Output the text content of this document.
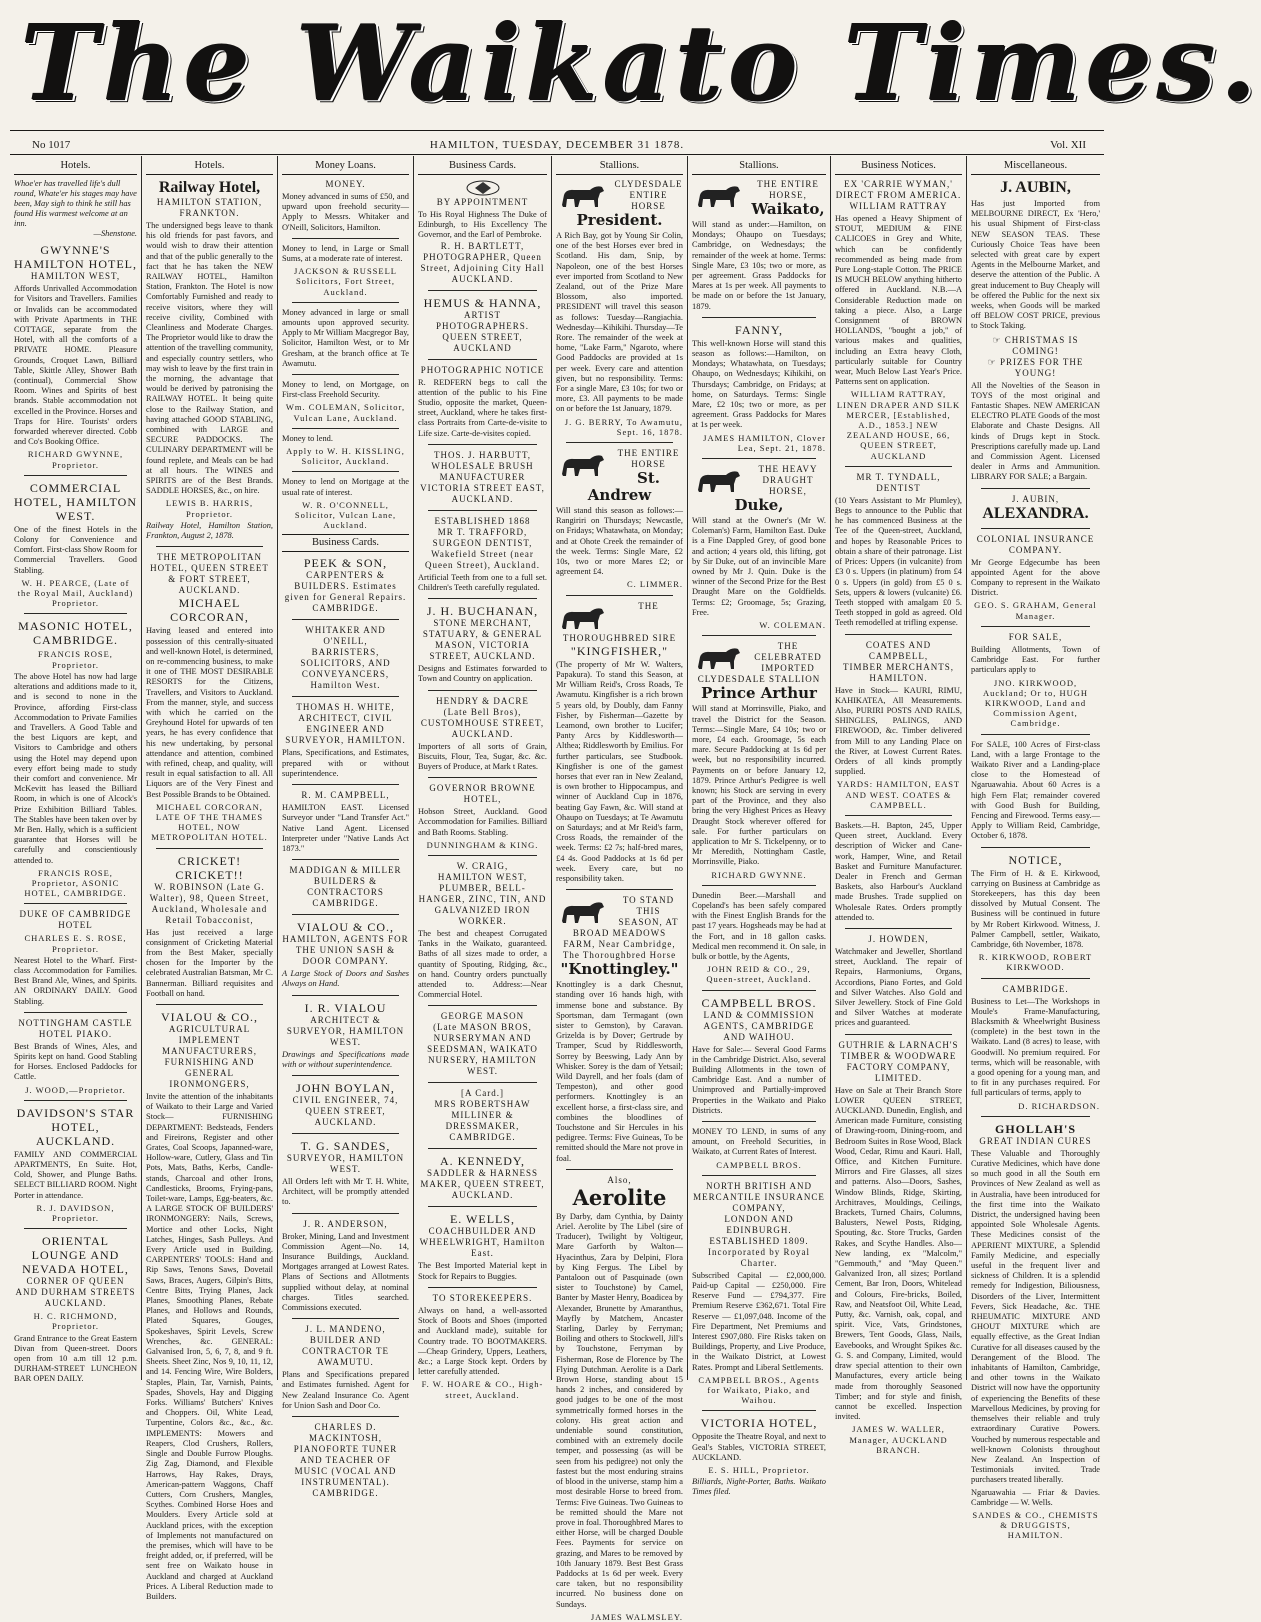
The Waikato Times.
No 1017	HAMILTON, TUESDAY, DECEMBER 31 1878.	Vol. XII
Hotels.
Whoe'er has travelled life's dull round, Whate'er his stages may have been, May sigh to think he still has found His warmest welcome at an inn.
—Shenstone.
GWYNNE'S HAMILTON HOTEL,
HAMILTON WEST,
Affords Unrivalled Accommodation for Visitors and Travellers. Families or Invalids can be accommodated with Private Apartments in THE COTTAGE, separate from the Hotel, with all the comforts of a PRIVATE HOME. Pleasure Grounds, Croquet Lawn, Billiard Table, Skittle Alley, Shower Bath (continual), Commercial Show Room. Wines and Spirits of best brands. Stable accommodation not excelled in the Province. Horses and Traps for Hire. Tourists' orders forwarded wherever directed. Cobb and Co's Booking Office.
RICHARD GWYNNE, Proprietor.
COMMERCIAL HOTEL, HAMILTON WEST.
One of the finest Hotels in the Colony for Convenience and Comfort. First-class Show Room for Commercial Travellers. Good Stabling.
W. H. PEARCE, (Late of the Royal Mail, Auckland) Proprietor.
MASONIC HOTEL, CAMBRIDGE.
FRANCIS ROSE, Proprietor.
The above Hotel has now had large alterations and additions made to it, and is second to none in the Province, affording First-class Accommodation to Private Families and Travellers. A Good Table and the best Liquors are kept, and Visitors to Cambridge and others using the Hotel may depend upon every effort being made to study their comfort and convenience. Mr McKevitt has leased the Billiard Room, in which is one of Alcock's Prize Exhibition Billiard Tables. The Stables have been taken over by Mr Ben. Hally, which is a sufficient guarantee that Horses will be carefully and conscientiously attended to.
FRANCIS ROSE, Proprietor, ASONIC HOTEL, CAMBRIDGE.
DUKE OF CAMBRIDGE HOTEL
CHARLES E. S. ROSE, Proprietor.
Nearest Hotel to the Wharf. First-class Accommodation for Families. Best Brand Ale, Wines, and Spirits. AN ORDINARY DAILY. Good Stabling.
NOTTINGHAM CASTLE HOTEL PIAKO.
Best Brands of Wines, Ales, and Spirits kept on hand. Good Stabling for Horses. Enclosed Paddocks for Cattle.
J. WOOD,—Proprietor.
DAVIDSON'S STAR HOTEL, AUCKLAND.
FAMILY AND COMMERCIAL APARTMENTS, En Suite. Hot, Cold, Shower, and Plunge Baths. SELECT BILLIARD ROOM. Night Porter in attendance.
R. J. DAVIDSON, Proprietor.
ORIENTAL LOUNGE AND NEVADA HOTEL,
CORNER OF QUEEN AND DURHAM STREETS AUCKLAND.
H. C. RICHMOND, Proprietor.
Grand Entrance to the Great Eastern Divan from Queen-street. Doors open from 10 a.m till 12 p.m. DURHAM-STREET LUNCHEON BAR OPEN DAILY.
Hotels.
Railway Hotel,
HAMILTON STATION, FRANKTON.
The undersigned begs leave to thank his old friends for past favors, and would wish to draw their attention and that of the public generally to the fact that he has taken the NEW RAILWAY HOTEL, Hamilton Station, Frankton. The Hotel is now Comfortably Furnished and ready to receive visitors, where they will receive civility, Combined with Cleanliness and Moderate Charges. The Proprietor would like to draw the attention of the travelling community, and especially country settlers, who may wish to leave by the first train in the morning, the advantage that would be derived by patronising the RAILWAY HOTEL. It being quite close to the Railway Station, and having attached GOOD STABLING, combined with LARGE and SECURE PADDOCKS. The CULINARY DEPARTMENT will be found replete, and Meals can be had at all hours. The WINES and SPIRITS are of the Best Brands. SADDLE HORSES, &c., on hire.
LEWIS B. HARRIS, Proprietor.
Railway Hotel, Hamilton Station, Frankton, August 2, 1878.
THE METROPOLITAN HOTEL, QUEEN STREET & FORT STREET, AUCKLAND.
MICHAEL CORCORAN,
Having leased and entered into possession of this centrally-situated and well-known Hotel, is determined, on re-commencing business, to make it one of THE MOST DESIRABLE RESORTS for the Citizens, Travellers, and Visitors to Auckland. From the manner, style, and success with which he carried on the Greyhound Hotel for upwards of ten years, he has every confidence that his new undertaking, by personal attendance and attention, combined with refined, cheap, and quality, will result in equal satisfaction to all. All Liquors are of the Very Finest and Best Possible Brands to be Obtained.
MICHAEL CORCORAN, LATE OF THE THAMES HOTEL, NOW METROPOLITAN HOTEL.
CRICKET! CRICKET!!
W. ROBINSON (Late G. Walter), 98, Queen Street, Auckland, Wholesale and Retail Tobacconist,
Has just received a large consignment of Cricketing Material from the Best Maker, specially chosen for the Importer by the celebrated Australian Batsman, Mr C. Bannerman. Billiard requisites and Football on hand.
VIALOU & CO.,
AGRICULTURAL IMPLEMENT MANUFACTURERS, FURNISHING AND GENERAL IRONMONGERS,
Invite the attention of the inhabitants of Waikato to their Large and Varied Stock— FURNISHING DEPARTMENT: Bedsteads, Fenders and Fireirons, Register and other Grates, Coal Scoops, Japanned-ware, Hollow-ware, Cutlery, Glass and Tin Pots, Mats, Baths, Kerbs, Candle-stands, Charcoal and other Irons, Candlesticks, Brooms, Frying-pans, Toilet-ware, Lamps, Egg-beaters, &c. A LARGE STOCK OF BUILDERS' IRONMONGERY: Nails, Screws, Mortice and other Locks, Night Latches, Hinges, Sash Pulleys. And Every Article used in Building. CARPENTERS' TOOLS: Hand and Rip Saws, Tenons Saws, Dovetail Saws, Braces, Augers, Gilpin's Bitts, Centre Bitts, Trying Planes, Jack Planes, Smoothing Planes, Rebate Planes, and Hollows and Rounds, Plated Squares, Gouges, Spokeshaves, Spirit Levels, Screw Wrenches, &c. GENERAL: Galvanised Iron, 5, 6, 7, 8, and 9 ft. Sheets. Sheet Zinc, Nos 9, 10, 11, 12, and 14. Fencing Wire, Wire Bolders, Staples, Plain, Tar, Varnish, Paints, Spades, Shovels, Hay and Digging Forks. Williams' Butchers' Knives and Choppers. Oil, White Lead, Turpentine, Colors &c., &c., &c. IMPLEMENTS: Mowers and Reapers, Clod Crushers, Rollers, Single and Double Furrow Ploughs. Zig Zag, Diamond, and Flexible Harrows, Hay Rakes, Drays, American-pattern Waggons, Chaff Cutters, Corn Crushers, Mangles, Scythes. Combined Horse Hoes and Moulders. Every Article sold at Auckland prices, with the exception of Implements not manufactured on the premises, which will have to be freight added, or, if preferred, will be sent free on Waikato house in Auckland and charged at Auckland Prices. A Liberal Reduction made to Builders.
Money Loans.
MONEY.
Money advanced in sums of £50, and upward upon freehold security—Apply to Messrs. Whitaker and O'Neill, Solicitors, Hamilton.
Money to lend, in Large or Small Sums, at a moderate rate of interest.
JACKSON & RUSSELL Solicitors, Fort Street, Auckland.
Money advanced in large or small amounts upon approved security. Apply to Mr William Macgregor Bay, Solicitor, Hamilton West, or to Mr Gresham, at the branch office at Te Awamutu.
Money to lend, on Mortgage, on First-class Freehold Security.
Wm. COLEMAN, Solicitor, Vulcan Lane, Auckland.
Money to lend.
Apply to W. H. KISSLING, Solicitor, Auckland.
Money to lend on Mortgage at the usual rate of interest.
W. R. O'CONNELL, Solicitor, Vulcan Lane, Auckland.
Business Cards.
PEEK & SON,
CARPENTERS & BUILDERS. Estimates given for General Repairs. CAMBRIDGE.
WHITAKER AND O'NEILL,
BARRISTERS, SOLICITORS, AND CONVEYANCERS, Hamilton West.
THOMAS H. WHITE,
ARCHITECT, CIVIL ENGINEER AND SURVEYOR, HAMILTON.
Plans, Specifications, and Estimates, prepared with or without superintendence.
R. M. CAMPBELL,
HAMILTON EAST. Licensed Surveyor under "Land Transfer Act." Native Land Agent. Licensed Interpreter under "Native Lands Act 1873."
MADDIGAN & MILLER
BUILDERS & CONTRACTORS CAMBRIDGE.
VIALOU & CO.,
HAMILTON, AGENTS FOR THE UNION SASH & DOOR COMPANY.
A Large Stock of Doors and Sashes Always on Hand.
I. R. VIALOU
ARCHITECT & SURVEYOR, HAMILTON WEST.
Drawings and Specifications made with or without superintendence.
JOHN BOYLAN,
CIVIL ENGINEER, 74, QUEEN STREET, AUCKLAND.
T. G. SANDES,
SURVEYOR, HAMILTON WEST.
All Orders left with Mr T. H. White, Architect, will be promptly attended to.
J. R. ANDERSON,
Broker, Mining, Land and Investment Commission Agent—No. 14, Insurance Buildings, Auckland. Mortgages arranged at Lowest Rates. Plans of Sections and Allotments supplied without delay, at nominal charges. Titles searched. Commissions executed.
J. L. MANDENO,
BUILDER AND CONTRACTOR TE AWAMUTU.
Plans and Specifications prepared and Estimates furnished. Agent for New Zealand Insurance Co. Agent for Union Sash and Door Co.
CHARLES D. MACKINTOSH,
PIANOFORTE TUNER AND TEACHER OF MUSIC (VOCAL AND INSTRUMENTAL). CAMBRIDGE.
Business Cards.
BY APPOINTMENT
To His Royal Highness The Duke of Edinburgh, to His Excellency The Governor, and the Earl of Pembroke.
R. H. BARTLETT,
PHOTOGRAPHER, Queen Street, Adjoining City Hall AUCKLAND.
HEMUS & HANNA,
ARTIST PHOTOGRAPHERS. QUEEN STREET, AUCKLAND
PHOTOGRAPHIC NOTICE
R. REDFERN begs to call the attention of the public to his Fine Studio, opposite the market, Queen-street, Auckland, where he takes first-class Portraits from Carte-de-visite to Life size. Carte-de-visites copied.
THOS. J. HARBUTT,
WHOLESALE BRUSH MANUFACTURER VICTORIA STREET EAST, AUCKLAND.
ESTABLISHED 1868
MR T. TRAFFORD,
SURGEON DENTIST, Wakefield Street (near Queen Street), Auckland.
Artificial Teeth from one to a full set. Children's Teeth carefully regulated.
J. H. BUCHANAN,
STONE MERCHANT, STATUARY, & GENERAL MASON, VICTORIA STREET, AUCKLAND.
Designs and Estimates forwarded to Town and Country on application.
HENDRY & DACRE
(Late Bell Bros), CUSTOMHOUSE STREET, AUCKLAND.
Importers of all sorts of Grain, Biscuits, Flour, Tea, Sugar, &c. &c. Buyers of Produce, at Mark t Rates.
GOVERNOR BROWNE HOTEL,
Hobson Street, Auckland. Good Accommodation for Families. Billiard and Bath Rooms. Stabling.
DUNNINGHAM & KING.
W. CRAIG,
HAMILTON WEST, PLUMBER, BELL-HANGER, ZINC, TIN, AND GALVANIZED IRON WORKER.
The best and cheapest Corrugated Tanks in the Waikato, guaranteed. Baths of all sizes made to order, a quantity of Spouting, Ridging, &c., on hand. Country orders punctually attended to. Address:—Near Commercial Hotel.
GEORGE MASON
(Late MASON BROS, NURSERYMAN AND SEEDSMAN, WAIKATO NURSERY, HAMILTON WEST.
[A Card.]
MRS ROBERTSHAW
MILLINER & DRESSMAKER, CAMBRIDGE.
A. KENNEDY,
SADDLER & HARNESS MAKER, QUEEN STREET, AUCKLAND.
E. WELLS,
COACHBUILDER AND WHEELWRIGHT, Hamilton East.
The Best Imported Material kept in Stock for Repairs to Buggies.
TO STOREKEEPERS.
Always on hand, a well-assorted Stock of Boots and Shoes (imported and Auckland made), suitable for Country trade. TO BOOTMAKERS.—Cheap Grindery, Uppers, Leathers, &c.; a Large Stock kept. Orders by letter carefully attended.
F. W. HOARE & CO., High-street, Auckland.
Stallions.
CLYDESDALE ENTIRE HORSE
President.
A Rich Bay, got by Young Sir Colin, one of the best Horses ever bred in Scotland. His dam, Snip, by Napoleon, one of the best Horses ever imported from Scotland to New Zealand, out of the Prize Mare Blossom, also imported. PRESIDENT will travel this season as follows: Tuesday—Rangiachia. Wednesday—Kihikihi. Thursday—Te Rore. The remainder of the week at home, "Lake Farm," Ngaroto, where Good Paddocks are provided at 1s per week. Every care and attention given, but no responsibility. Terms: For a single Mare, £3 10s; for two or more, £3. All payments to be made on or before the 1st January, 1879.
J. G. BERRY, To Awamutu, Sept. 16, 1878.
THE ENTIRE HORSE
St. Andrew
Will stand this season as follows:— Rangiriri on Thursdays; Newcastle, on Fridays; Whatawhata, on Monday; and at Ohote Creek the remainder of the week. Terms: Single Mare, £2 10s, two or more Mares £2; or agreement £4.
C. LIMMER.
THE THOROUGHBRED SIRE
"KINGFISHER,"
(The property of Mr W. Walters, Papakura). To stand this Season, at Mr William Reid's, Cross Roads, Te Awamutu. Kingfisher is a rich brown 5 years old, by Doubly, dam Fanny Fisher, by Fisherman—Gazette by Leamond, own brother to Lucifer; Panty Arcs by Kiddlesworth—Althea; Riddlesworth by Emilius. For further particulars, see Studbook. Kingfisher is one of the gamest horses that ever ran in New Zealand, is own brother to Hippocampus, and winner of Auckland Cup in 1876, beating Gay Fawn, &c. Will stand at Ohaupo on Tuesdays; at Te Awamutu on Saturdays; and at Mr Reid's farm, Cross Roads, the remainder of the week. Terms: £2 7s; half-bred mares, £4 4s. Good Paddocks at 1s 6d per week. Every care, but no responsibility taken.
TO STAND THIS SEASON, AT BROAD MEADOWS FARM, Near Cambridge, The Thoroughbred Horse
"Knottingley."
Knottingley is a dark Chesnut, standing over 16 hands high, with immense bone and substance. By Sportsman, dam Termagant (own sister to Gemston), by Caravan. Grizelda is by Dover; Gertrude by Tramper, Scud by Riddlesworth, Sorrey by Beeswing, Lady Ann by Whisker. Sorey is the dam of Yetsail; Wild Dayrell, and her foals (dam of Tempeston), and other good performers. Knottingley is an excellent horse, a first-class sire, and combines the bloodlines of Touchstone and Sir Hercules in his pedigree. Terms: Five Guineas, To be remitted should the Mare not prove in foal.
Also,
Aerolite
By Darby, dam Cynthia, by Dainty Ariel. Aerolite by The Libel (sire of Traducer), Twilight by Voltigeur, Mare Garforth by Walton—Hyacinthus, Zara by Delpini, Flora by King Fergus. The Libel by Pantaloon out of Pasquinade (own sister to Touchstone) by Camel, Banter by Master Henry, Boadicea by Alexander, Brunette by Amaranthus, Mayfly by Matchem, Ancaster Starling, Darley by Ferryman; Boiling and others to Stockwell, Jill's by Touchstone, Ferryman by Fisherman, Rose de Florence by The Flying Dutchman. Aerolite is a Dark Brown Horse, standing about 15 hands 2 inches, and considered by good judges to be one of the most symmetrically formed horses in the colony. His great action and undeniable sound constitution, combined with an extremely docile temper, and possessing (as will be seen from his pedigree) not only the fastest but the most enduring strains of blood in the universe, stamp him a most desirable Horse to breed from. Terms: Five Guineas. Two Guineas to be remitted should the Mare not prove in foal. Thoroughbred Mares to either Horse, will be charged Double Fees. Payments for service on grazing, and Mares to be removed by 10th January 1879. Best Best Grass Paddocks at 1s 6d per week. Every care taken, but no responsibility incurred. No business done on Sundays.
JAMES WALMSLEY.
Stallions.
THE ENTIRE HORSE,
Waikato,
Will stand as under:—Hamilton, on Mondays; Ohaupo on Tuesdays; Cambridge, on Wednesdays; the remainder of the week at home. Terms: Single Mare, £3 10s; two or more, as per agreement. Grass Paddocks for Mares at 1s per week. All payments to be made on or before the 1st January, 1879.
FANNY,
This well-known Horse will stand this season as follows:—Hamilton, on Mondays; Whatawhata, on Tuesdays; Ohaupo, on Wednesdays; Kihikihi, on Thursdays; Cambridge, on Fridays; at home, on Saturdays. Terms: Single Mare, £2 10s; two or more, as per agreement. Grass Paddocks for Mares at 1s per week.
JAMES HAMILTON, Clover Lea, Sept. 21, 1878.
THE HEAVY DRAUGHT HORSE,
Duke,
Will stand at the Owner's (Mr W. Coleman's) Farm, Hamilton East. Duke is a Fine Dappled Grey, of good bone and action; 4 years old, this lifting, got by Sir Duke, out of an invincible Mare owned by Mr J. Quin. Duke is the winner of the Second Prize for the Best Draught Mare on the Goldfields. Terms: £2; Groomage, 5s; Grazing, Free.
W. COLEMAN.
THE CELEBRATED IMPORTED CLYDESDALE STALLION
Prince Arthur
Will stand at Morrinsville, Piako, and travel the District for the Season. Terms:—Single Mare, £4 10s; two or more, £4 each. Groomage, 5s each mare. Secure Paddocking at 1s 6d per week, but no responsibility incurred. Payments on or before January 12, 1879. Prince Arthur's Pedigree is well known; his Stock are serving in every part of the Province, and they also bring the very Highest Prices as Heavy Draught Stock wherever offered for sale. For further particulars on application to Mr S. Tickelpenny, or to Mr Meredith, Nottingham Castle, Morrinsville, Piako.
RICHARD GWYNNE.
Dunedin Beer.—Marshall and Copeland's has been safely compared with the Finest English Brands for the past 17 years. Hogsheads may be had at the Fort, and in 18 gallon casks. Medical men recommend it. On sale, in bulk or bottle, by the Agents,
JOHN REID & CO., 29, Queen-street, Auckland.
CAMPBELL BROS.
LAND & COMMISSION AGENTS, CAMBRIDGE AND WAIHOU.
Have for Sale:— Several Good Farms in the Cambridge District. Also, several Building Allotments in the town of Cambridge East. And a number of Unimproved and Partially-improved Properties in the Waikato and Piako Districts.
MONEY TO LEND, in sums of any amount, on Freehold Securities, in Waikato, at Current Rates of Interest.
CAMPBELL BROS.
NORTH BRITISH AND MERCANTILE INSURANCE COMPANY,
LONDON AND EDINBURGH. ESTABLISHED 1809. Incorporated by Royal Charter.
Subscribed Capital — £2,000,000. Paid-up Capital — £250,000. Fire Reserve Fund — £794,377. Fire Premium Reserve £362,671. Total Fire Reserve — £1,097,048. Income of the Fire Department, Net Premiums and Interest £907,080. Fire Risks taken on Buildings, Property, and Live Produce, in the Waikato District, at Lowest Rates. Prompt and Liberal Settlements.
CAMPBELL BROS., Agents for Waikato, Piako, and Waihou.
VICTORIA HOTEL,
Opposite the Theatre Royal, and next to Geal's Stables, VICTORIA STREET, AUCKLAND.
E. S. HILL, Proprietor.
Billiards, Night-Porter, Baths. Waikato Times filed.
Business Notices.
EX 'CARRIE WYMAN,'
DIRECT FROM AMERICA.
WILLIAM RATTRAY
Has opened a Heavy Shipment of STOUT, MEDIUM & FINE CALICOES in Grey and White, which can be confidently recommended as being made from Pure Long-staple Cotton. The PRICE IS MUCH BELOW anything hitherto offered in Auckland. N.B.—A Considerable Reduction made on taking a piece. Also, a Large Consignment of BROWN HOLLANDS, "bought a job," of various makes and qualities, including an Extra heavy Cloth, particularly suitable for Country wear, Much Below Last Year's Price. Patterns sent on application.
WILLIAM RATTRAY, LINEN DRAPER AND SILK MERCER, [Established, A.D., 1853.] NEW ZEALAND HOUSE, 66, QUEEN STREET, AUCKLAND
MR T. TYNDALL, DENTIST
(10 Years Assistant to Mr Plumley), Begs to announce to the Public that he has commenced Business at the Tee of the Queen-street, Auckland, and hopes by Reasonable Prices to obtain a share of their patronage. List of Prices: Uppers (in vulcanite) from £3 0 s. Uppers (in platinum) from £4 0 s. Uppers (in gold) from £5 0 s. Sets, uppers & lowers (vulcanite) £6. Teeth stopped with amalgam £0 5. Teeth stopped in gold as agreed. Old Teeth remodelled at trifling expense.
COATES AND CAMPBELL,
TIMBER MERCHANTS, HAMILTON.
Have in Stock— KAURI, RIMU, KAHIKATEA, All Measurements. Also, PURIRI POSTS AND RAILS, SHINGLES, PALINGS, AND FIREWOOD, &c. Timber delivered from Mill to any Landing Place on the River, at Lowest Current Rates. Orders of all kinds promptly supplied.
YARDS: HAMILTON, EAST AND WEST. COATES & CAMPBELL.
Baskets.—H. Bapton, 245, Upper Queen street, Auckland. Every description of Wicker and Cane-work, Hamper, Wine, and Retail Basket and Furniture Manufacturer. Dealer in French and German Baskets, also Harbour's Auckland made Brushes. Trade supplied on Wholesale Rates. Orders promptly attended to.
J. HOWDEN,
Watchmaker and Jeweller, Shortland street, Auckland. The repair of Repairs, Harmoniums, Organs, Accordions, Piano Fortes, and Gold and Silver Watches. Also Gold and Silver Jewellery. Stock of Fine Gold and Silver Watches at moderate prices and guaranteed.
GUTHRIE & LARNACH'S
TIMBER & WOODWARE FACTORY COMPANY, LIMITED.
Have on Sale at Their Branch Store LOWER QUEEN STREET, AUCKLAND. Dunedin, English, and American made Furniture, consisting of Drawing-room, Dining-room, and Bedroom Suites in Rose Wood, Black Wood, Cedar, Rimu and Kauri. Hall, Office, and Kitchen Furniture. Mirrors and Fire Glasses, all sizes and patterns. Also—Doors, Sashes, Window Blinds, Ridge, Skirting, Architraves, Mouldings, Ceilings, Brackets, Turned Chairs, Columns, Balusters, Newel Posts, Ridging, Spouting, &c. Store Trucks, Garden Rakes, and Scythe Handles. Also—New landing, ex "Malcolm," "Gemmouth," and "May Queen." Galvanized Iron, all sizes; Portland Cement, Bar Iron, Doors, Whitelead and Colours, Fire-bricks, Boiled, Raw, and Neatsfoot Oil, White Lead, Putty, &c. Varnish, oak, copal, and spirit. Vice, Vats, Grindstones, Brewers, Tent Goods, Glass, Nails, Eavebooks, and Wrought Spikes &c. G. S. and Company, Limited, would draw special attention to their own Manufactures, every article being made from thoroughly Seasoned Timber; and for style and finish, cannot be excelled. Inspection invited.
JAMES W. WALLER, Manager, AUCKLAND BRANCH.
Miscellaneous.
J. AUBIN,
Has just Imported from MELBOURNE DIRECT, Ex 'Hero,' his usual Shipment of First-class NEW SEASON TEAS. These Curiously Choice Teas have been selected with great care by expert Agents in the Melbourne Market, and deserve the attention of the Public. A great inducement to Buy Cheaply will be offered the Public for the next six weeks, when Goods will be marked off BELOW COST PRICE, previous to Stock Taking.
☞ CHRISTMAS IS COMING!
☞ PRIZES FOR THE YOUNG!
All the Novelties of the Season in TOYS of the most original and Fantastic Shapes. NEW AMERICAN ELECTRO PLATE Goods of the most Elaborate and Chaste Designs. All kinds of Drugs kept in Stock. Prescriptions carefully made up. Land and Commission Agent. Licensed dealer in Arms and Ammunition. LIBRARY FOR SALE; a Bargain.
J. AUBIN,
ALEXANDRA.
COLONIAL INSURANCE COMPANY.
Mr George Edgecumbe has been appointed Agent for the above Company to represent in the Waikato District.
GEO. S. GRAHAM, General Manager.
FOR SALE,
Building Allotments, Town of Cambridge East. For further particulars apply to
JNO. KIRKWOOD, Auckland; Or to, HUGH KIRKWOOD, Land and Commission Agent, Cambridge.
For SALE, 100 Acres of First-class Land, with a large Frontage to the Waikato River and a Landing-place close to the Homestead of Ngaruawahia. About 60 Acres is a high Fern Flat; remainder covered with Good Bush for Building, Fencing and Firewood. Terms easy.—Apply to William Reid, Cambridge, October 6, 1878.
NOTICE,
The Firm of H. & E. Kirkwood, carrying on Business at Cambridge as Storekeepers, has this day been dissolved by Mutual Consent. The Business will be continued in future by Mr Robert Kirkwood. Witness, J. Palmer Campbell, settler, Waikato, Cambridge, 6th November, 1878.
R. KIRKWOOD, ROBERT KIRKWOOD.
CAMBRIDGE.
Business to Let—The Workshops in Moule's Frame-Manufacturing, Blacksmith & Wheelwright Business (complete) in the best town in the Waikato. Land (8 acres) to lease, with Goodwill. No premium required. For terms, which will be reasonable, with a good opening for a young man, and to fit in any purchases required. For full particulars of terms, apply to
D. RICHARDSON.
GHOLLAH'S
GREAT INDIAN CURES
These Valuable and Thoroughly Curative Medicines, which have done so much good in all the South ern Provinces of New Zealand as well as in Australia, have been introduced for the first time into the Waikato District, the undersigned having been appointed Sole Wholesale Agents. These Medicines consist of the APERIENT MIXTURE, a Splendid Family Medicine, and especially useful in the frequent liver and sickness of Children. It is a splendid remedy for Indigestion, Biliousness, Disorders of the Liver, Intermittent Fevers, Sick Headache, &c. THE RHEUMATIC MIXTURE AND GHOUT MIXTURE which are equally effective, as the Great Indian Curative for all diseases caused by the Derangement of the Blood. The inhabitants of Hamilton, Cambridge, and other towns in the Waikato District will now have the opportunity of experiencing the Benefits of these Marvellous Medicines, by proving for themselves their reliable and truly extraordinary Curative Powers. Vouched by numerous respectable and well-known Colonists throughout New Zealand. An Inspection of Testimonials invited. Trade purchasers treated liberally.
Ngaruawahia — Friar & Davies. Cambridge — W. Wells.
SANDES & CO., CHEMISTS & DRUGGISTS, HAMILTON.
